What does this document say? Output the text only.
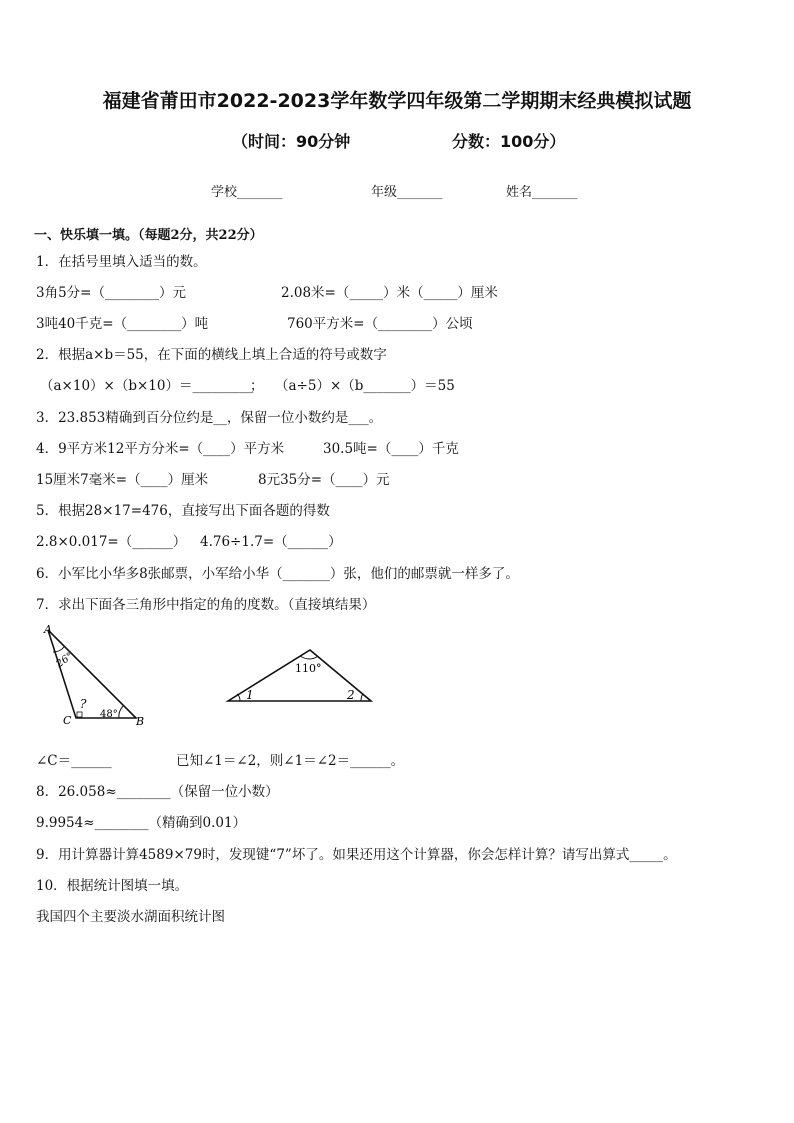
福建省莆田市2022-2023学年数学四年级第二学期期末经典模拟试题
（时间：90分钟	分数：100分）
学校_______	年级_______	姓名_______
一、快乐填一填。（每题2分，共22分）
1．在括号里填入适当的数。
3角5分=（________）元	2.08米=（_____）米（_____）厘米
3吨40千克=（________）吨	760平方米=（________）公顷
2．根据a×b＝55，在下面的横线上填上合适的符号或数字
（a×10）×（b×10）＝_________
； （a÷5）×（b_______）＝55
3．23.853精确到百分位约是__，保留一位小数约是___。
4．9平方米12平方分米=（____）平方米	30.5吨=（____）千克
15厘米7毫米=（____）厘米	8元35分=（____）元
5．根据28×17=476，直接写出下面各题的得数
2.8×0.017=（______） 4.76÷1.7=（______）
6．小军比小华多8张邮票，小军给小华（_______）张，他们的邮票就一样多了。
7．求出下面各三角形中指定的角的度数。（直接填结果）
A
B
C
26°
48°
?
110°
1	2
∠C＝______	已知∠1＝∠2，则∠1＝∠2＝______。
8．26.058≈________（保留一位小数）
9.9954≈________（精确到0.01）
9．用计算器计算4589×79时，发现键“7”坏了。如果还用这个计算器，你会怎样计算？请写出算式_____。
10．根据统计图填一填。
我国四个主要淡水湖面积统计图
